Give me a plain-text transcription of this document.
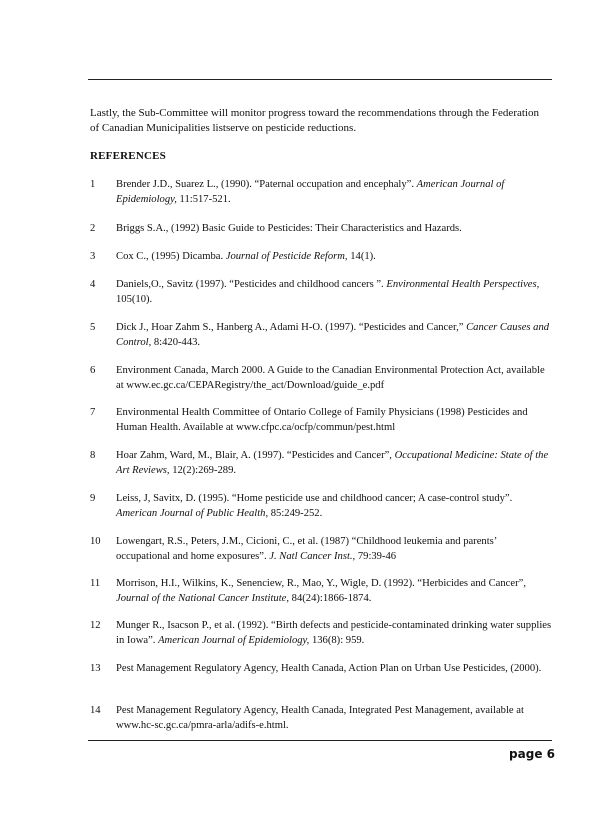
Lastly, the Sub-Committee will monitor progress toward the recommendations through the Federation of Canadian Municipalities listserve on pesticide reductions.

REFERENCES
1	Brender J.D., Suarez L., (1990). “Paternal occupation and encephaly”. American Journal of Epidemiology, 11:517-521.
2	Briggs S.A., (1992) Basic Guide to Pesticides: Their Characteristics and Hazards.
3	Cox C., (1995) Dicamba. Journal of Pesticide Reform, 14(1).
4	Daniels,O., Savitz (1997). “Pesticides and childhood cancers ”. Environmental Health Perspectives, 105(10).
5	Dick J., Hoar Zahm S., Hanberg A., Adami H-O. (1997). “Pesticides and Cancer,” Cancer Causes and Control, 8:420-443.
6	Environment Canada, March 2000. A Guide to the Canadian Environmental Protection Act, available at www.ec.gc.ca/CEPARegistry/the_act/Download/guide_e.pdf
7	Environmental Health Committee of Ontario College of Family Physicians (1998) Pesticides and Human Health. Available at www.cfpc.ca/ocfp/commun/pest.html
8	Hoar Zahm, Ward, M., Blair, A. (1997). “Pesticides and Cancer”, Occupational Medicine: State of the Art Reviews, 12(2):269-289.
9	Leiss, J, Savitx, D. (1995). “Home pesticide use and childhood cancer; A case-control study”. American Journal of Public Health, 85:249-252.
10	Lowengart, R.S., Peters, J.M., Cicioni, C., et al. (1987) “Childhood leukemia and parents’ occupational and home exposures”. J. Natl Cancer Inst., 79:39-46
11	Morrison, H.I., Wilkins, K., Senenciew, R., Mao, Y., Wigle, D. (1992). “Herbicides and Cancer”, Journal of the National Cancer Institute, 84(24):1866-1874.
12	Munger R., Isacson P., et al. (1992). “Birth defects and pesticide-contaminated drinking water supplies in Iowa”. American Journal of Epidemiology, 136(8): 959.
13	Pest Management Regulatory Agency, Health Canada, Action Plan on Urban Use Pesticides, (2000).
14	Pest Management Regulatory Agency, Health Canada, Integrated Pest Management, available at www.hc-sc.gc.ca/pmra-arla/adifs-e.html.
page 6
